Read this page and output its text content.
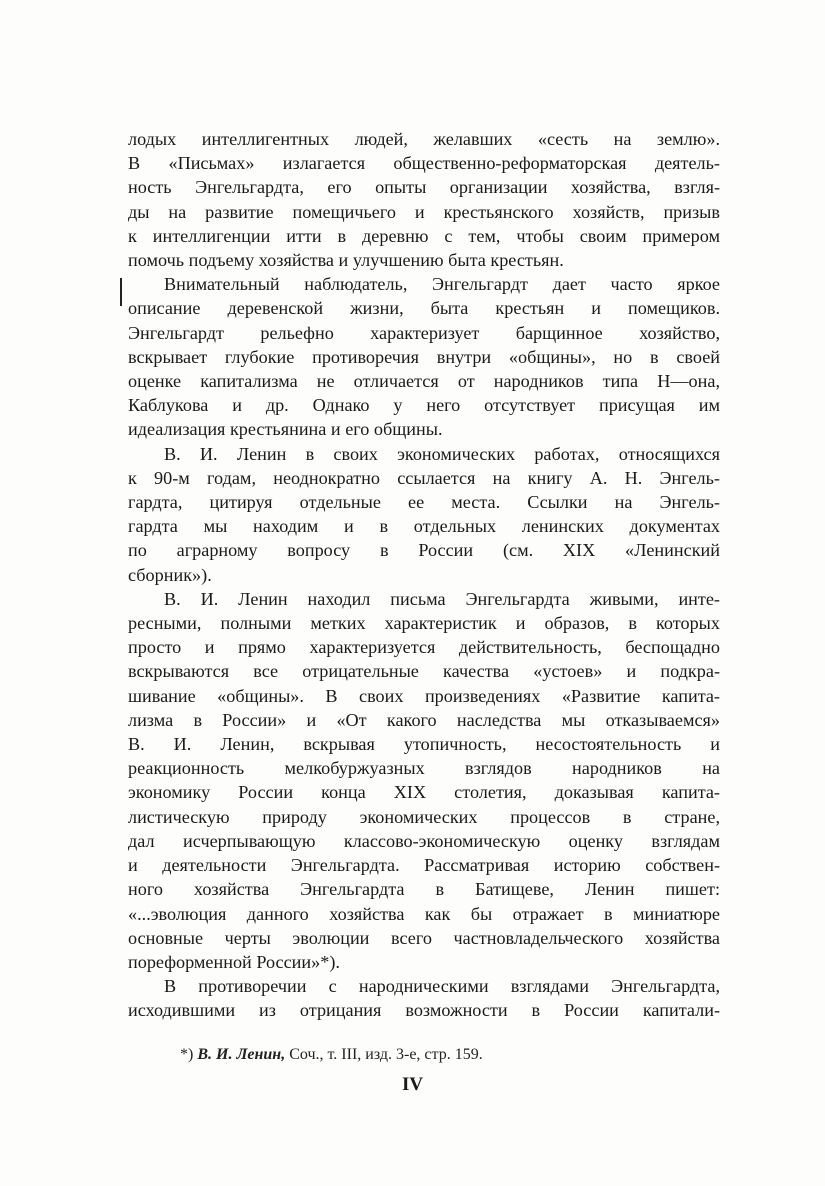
лодых интеллигентных людей, желавших «сесть на землю».
В «Письмах» излагается общественно-реформаторская деятель-
ность Энгельгардта, его опыты организации хозяйства, взгля-
ды на развитие помещичьего и крестьянского хозяйств, призыв
к интеллигенции итти в деревню с тем, чтобы своим примером
помочь подъему хозяйства и улучшению быта крестьян.

Внимательный наблюдатель, Энгельгардт дает часто яркое
описание деревенской жизни, быта крестьян и помещиков.
Энгельгардт рельефно характеризует барщинное хозяйство,
вскрывает глубокие противоречия внутри «общины», но в своей
оценке капитализма не отличается от народников типа Н—она,
Каблукова и др. Однако у него отсутствует присущая им
идеализация крестьянина и его общины.

В. И. Ленин в своих экономических работах, относящихся
к 90-м годам, неоднократно ссылается на книгу А. Н. Энгель-
гардта, цитируя отдельные ее места. Ссылки на Энгель-
гардта мы находим и в отдельных ленинских документах
по аграрному вопросу в России (см. XIX «Ленинский
сборник»).

В. И. Ленин находил письма Энгельгардта живыми, инте-
ресными, полными метких характеристик и образов, в которых
просто и прямо характеризуется действительность, беспощадно
вскрываются все отрицательные качества «устоев» и подкра-
шивание «общины». В своих произведениях «Развитие капита-
лизма в России» и «От какого наследства мы отказываемся»
В. И. Ленин, вскрывая утопичность, несостоятельность и
реакционность мелкобуржуазных взглядов народников на
экономику России конца XIX столетия, доказывая капита-
листическую природу экономических процессов в стране,
дал исчерпывающую классово-экономическую оценку взглядам
и деятельности Энгельгардта. Рассматривая историю собствен-
ного хозяйства Энгельгардта в Батищеве, Ленин пишет:
«...эволюция данного хозяйства как бы отражает в миниатюре
основные черты эволюции всего частновладельческого хозяйства
пореформенной России»*).

В противоречии с народническими взглядами Энгельгардта,
исходившими из отрицания возможности в России капитали-

*) В. И. Ленин, Соч., т. III, изд. 3-е, стр. 159.
IV
